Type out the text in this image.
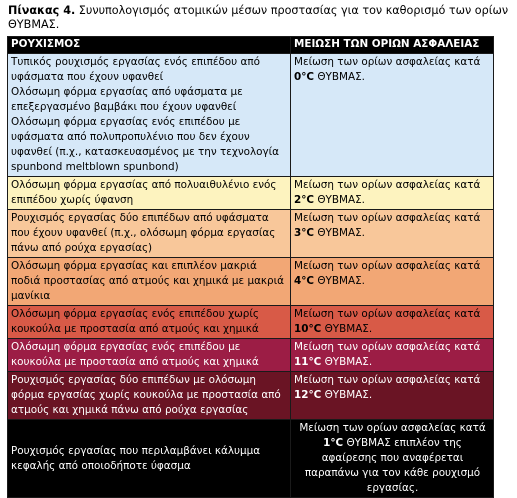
Πίνακας 4. Συνυπολογισμός ατομικών μέσων προστασίας για τον καθορισμό των ορίων ΘΥΒΜΑΣ.
ΡΟΥΧΙΣΜΟΣ	ΜΕΙΩΣΗ ΤΩΝ ΟΡΙΩΝ ΑΣΦΑΛΕΙΑΣ

Τυπικός ρουχισμός εργασίας ενός επιπέδου από υφάσματα που έχουν υφανθεί
Ολόσωμη φόρμα εργασίας από υφάσματα με επεξεργασμένο βαμβάκι που έχουν υφανθεί
Ολόσωμη φόρμα εργασίας ενός επιπέδου με υφάσματα από πολυπροπυλένιο που δεν έχουν υφανθεί (π.χ., κατασκευασμένος με την τεχνολογία spunbond meltblown spunbond)	Μείωση των ορίων ασφαλείας κατά 0°C ΘΥΒΜΑΣ.
Ολόσωμη φόρμα εργασίας από πολυαιθυλένιο ενός επιπέδου χωρίς ύφανση	Μείωση των ορίων ασφαλείας κατά 2°C ΘΥΒΜΑΣ.
Ρουχισμός εργασίας δύο επιπέδων από υφάσματα που έχουν υφανθεί (π.χ., ολόσωμη φόρμα εργασίας πάνω από ρούχα εργασίας)	Μείωση των ορίων ασφαλείας κατά 3°C ΘΥΒΜΑΣ.
Ολόσωμη φόρμα εργασίας και επιπλέον μακριά ποδιά προστασίας από ατμούς και χημικά με μακριά μανίκια	Μείωση των ορίων ασφαλείας κατά 4°C ΘΥΒΜΑΣ.
Ολόσωμη φόρμα εργασίας ενός επιπέδου χωρίς κουκούλα με προστασία από ατμούς και χημικά	Μείωση των ορίων ασφαλείας κατά 10°C ΘΥΒΜΑΣ.
Ολόσωμη φόρμα εργασίας ενός επιπέδου με κουκούλα με προστασία από ατμούς και χημικά	Μείωση των ορίων ασφαλείας κατά 11°C ΘΥΒΜΑΣ.
Ρουχισμός εργασίας δύο επιπέδων με ολόσωμη φόρμα εργασίας χωρίς κουκούλα με προστασία από ατμούς και χημικά πάνω από ρούχα εργασίας	Μείωση των ορίων ασφαλείας κατά 12°C ΘΥΒΜΑΣ.
Ρουχισμός εργασίας που περιλαμβάνει κάλυμμα κεφαλής από οποιοδήποτε ύφασμα	Μείωση των ορίων ασφαλείας κατά 1°C ΘΥΒΜΑΣ επιπλέον της αφαίρεσης που αναφέρεται παραπάνω για τον κάθε ρουχισμό εργασίας.
